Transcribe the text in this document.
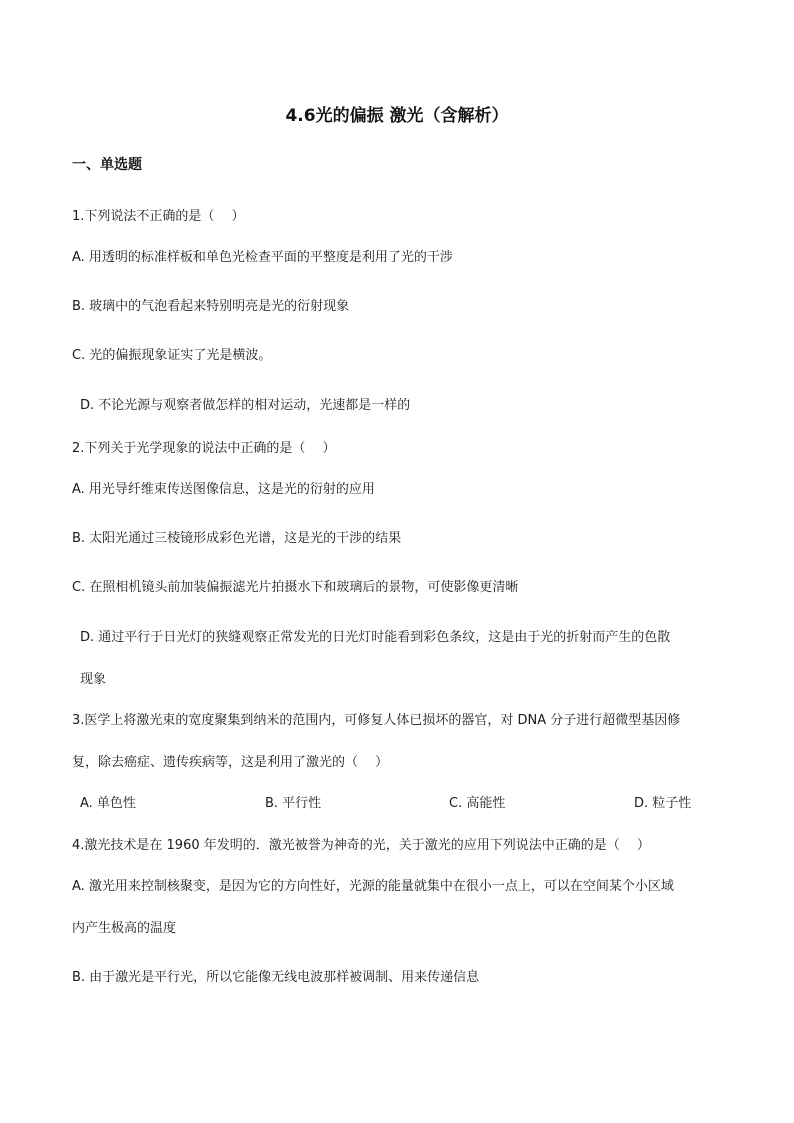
4.6光的偏振 激光（含解析）
一、单选题
1.下列说法不正确的是（　 ）
A. 用透明的标准样板和单色光检查平面的平整度是利用了光的干涉
B. 玻璃中的气泡看起来特别明亮是光的衍射现象
C. 光的偏振现象证实了光是横波。
D. 不论光源与观察者做怎样的相对运动，光速都是一样的
2.下列关于光学现象的说法中正确的是（　 ）
A. 用光导纤维束传送图像信息，这是光的衍射的应用
B. 太阳光通过三棱镜形成彩色光谱，这是光的干涉的结果
C. 在照相机镜头前加装偏振滤光片拍摄水下和玻璃后的景物，可使影像更清晰
D. 通过平行于日光灯的狭缝观察正常发光的日光灯时能看到彩色条纹，这是由于光的折射而产生的色散
现象
3.医学上将激光束的宽度聚集到纳米的范围内，可修复人体已损坏的器官，对 DNA 分子进行超微型基因修
复，除去癌症、遗传疾病等，这是利用了激光的（　 ）
A. 单色性	B. 平行性	C. 高能性	D. 粒子性
4.激光技术是在 1960 年发明的．激光被誉为神奇的光，关于激光的应用下列说法中正确的是（　 ）
A. 激光用来控制核聚变，是因为它的方向性好，光源的能量就集中在很小一点上，可以在空间某个小区域
内产生极高的温度
B. 由于激光是平行光，所以它能像无线电波那样被调制、用来传递信息
